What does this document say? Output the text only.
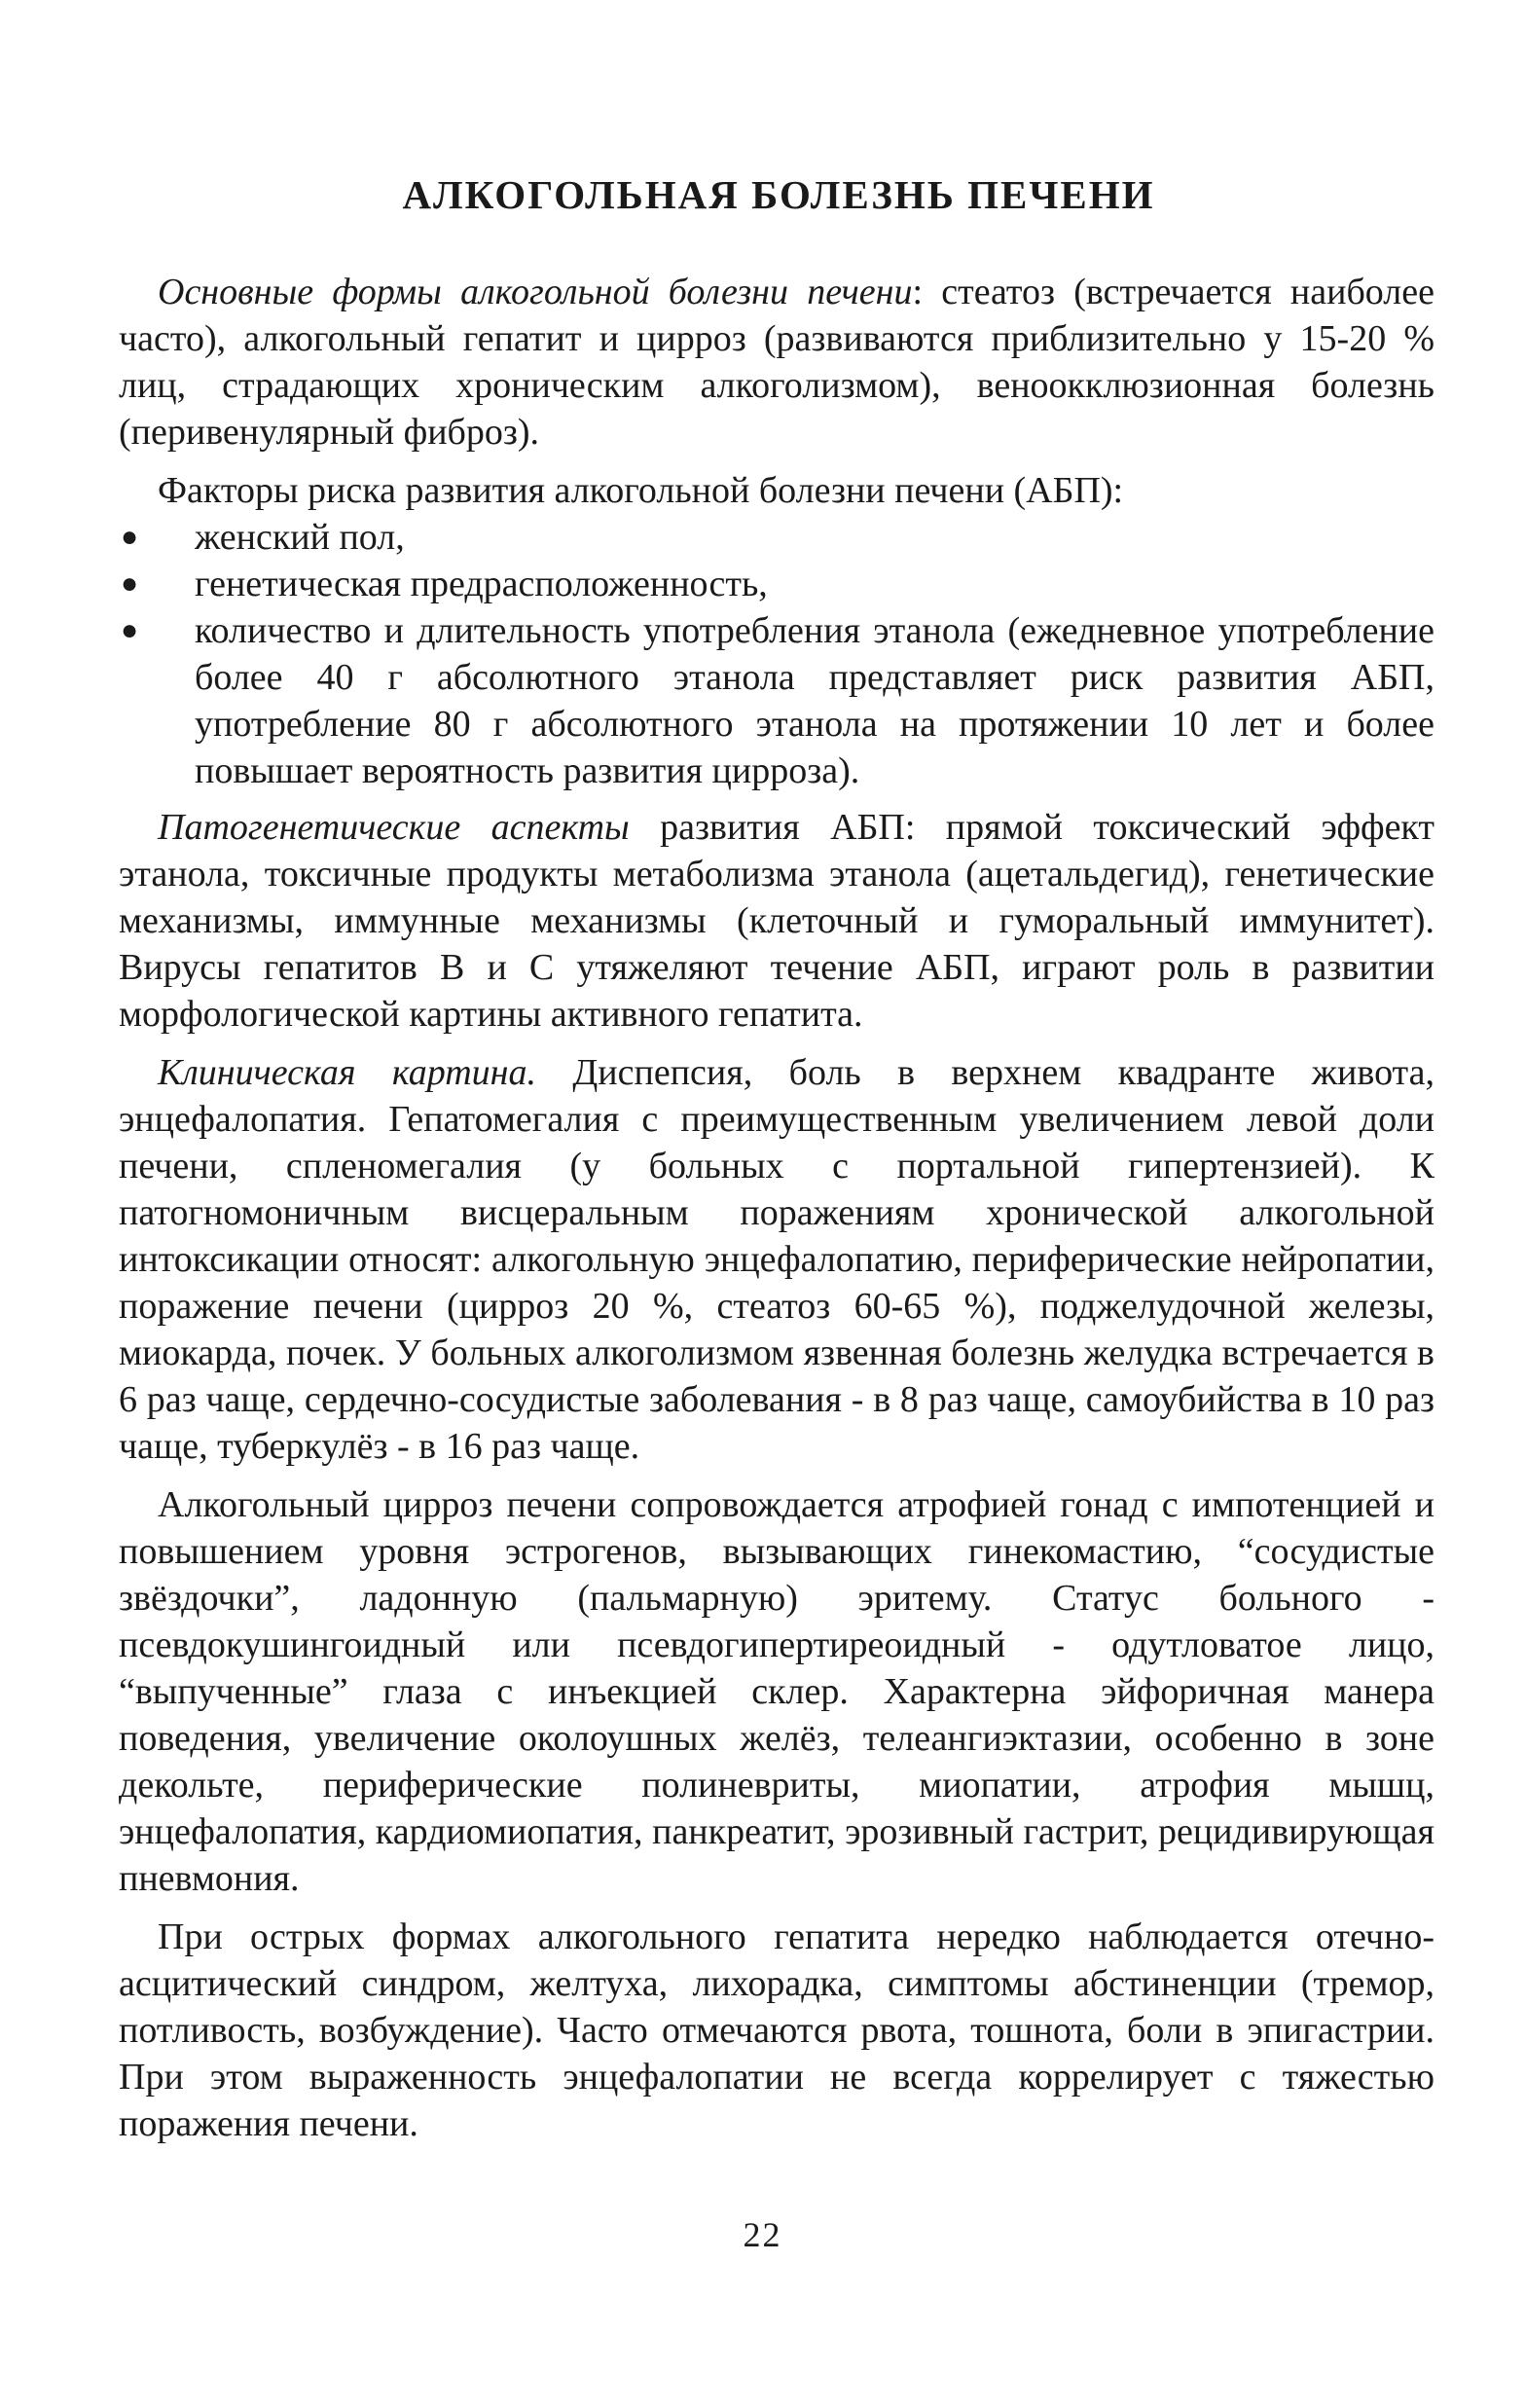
АЛКОГОЛЬНАЯ БОЛЕЗНЬ ПЕЧЕНИ

Основные формы алкогольной болезни печени: стеатоз (встречается наиболее часто), алкогольный гепатит и цирроз (развиваются приблизительно у 15-20 % лиц, страдающих хроническим алкоголизмом), веноокклюзионная болезнь (перивенулярный фиброз).

Факторы риска развития алкогольной болезни печени (АБП):

● женский пол,
● генетическая предрасположенность,
● количество и длительность употребления этанола (ежедневное употребление более 40 г абсолютного этанола представляет риск развития АБП, употребление 80 г абсолютного этанола на протяжении 10 лет и более повышает вероятность развития цирроза).

Патогенетические аспекты развития АБП: прямой токсический эффект этанола, токсичные продукты метаболизма этанола (ацетальдегид), генетические механизмы, иммунные механизмы (клеточный и гуморальный иммунитет). Вирусы гепатитов В и С утяжеляют течение АБП, играют роль в развитии морфологической картины активного гепатита.

Клиническая картина. Диспепсия, боль в верхнем квадранте живота, энцефалопатия. Гепатомегалия с преимущественным увеличением левой доли печени, спленомегалия (у больных с портальной гипертензией). К патогномоничным висцеральным поражениям хронической алкогольной интоксикации относят: алкогольную энцефалопатию, периферические нейропатии, поражение печени (цирроз 20 %, стеатоз 60-65 %), поджелудочной железы, миокарда, почек. У больных алкоголизмом язвенная болезнь желудка встречается в 6 раз чаще, сердечно-сосудистые заболевания - в 8 раз чаще, самоубийства в 10 раз чаще, туберкулёз - в 16 раз чаще.

Алкогольный цирроз печени сопровождается атрофией гонад с импотенцией и повышением уровня эстрогенов, вызывающих гинекомастию, “сосудистые звёздочки”, ладонную (пальмарную) эритему. Статус больного - псевдокушингоидный или псевдогипертиреоидный - одутловатое лицо, “выпученные” глаза с инъекцией склер. Характерна эйфоричная манера поведения, увеличение околоушных желёз, телеангиэктазии, особенно в зоне декольте, периферические полиневриты, миопатии, атрофия мышц, энцефалопатия, кардиомиопатия, панкреатит, эрозивный гастрит, рецидивирующая пневмония.

При острых формах алкогольного гепатита нередко наблюдается отечно-асцитический синдром, желтуха, лихорадка, симптомы абстиненции (тремор, потливость, возбуждение). Часто отмечаются рвота, тошнота, боли в эпигастрии. При этом выраженность энцефалопатии не всегда коррелирует с тяжестью поражения печени.

22
